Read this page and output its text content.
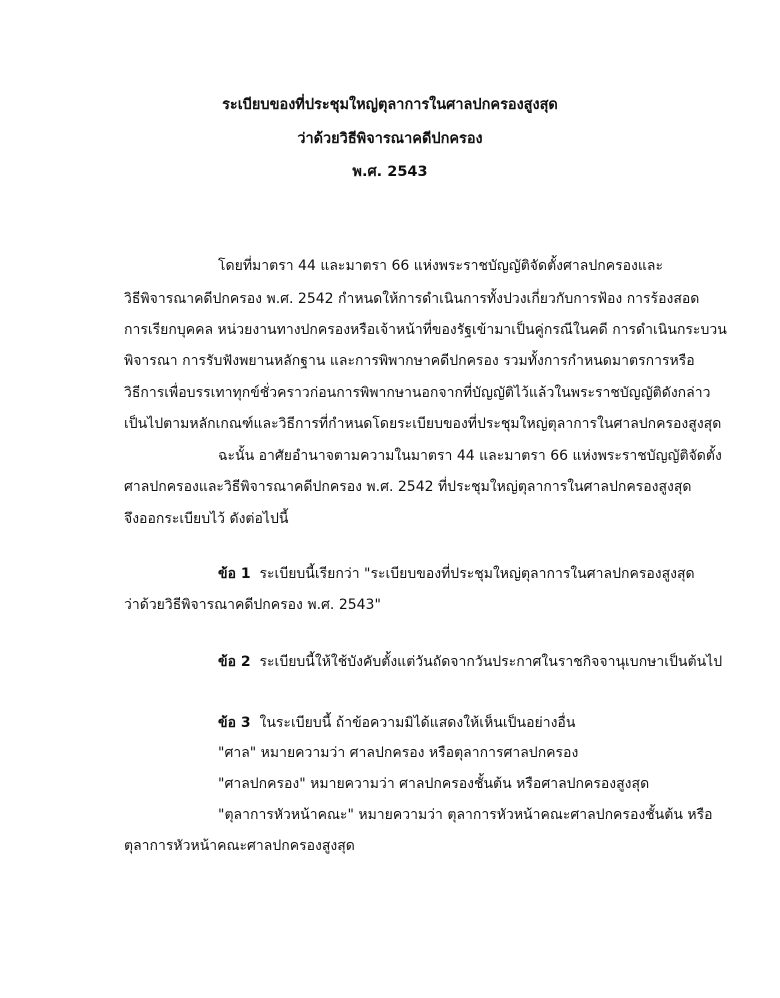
ระเบียบของที่ประชุมใหญ่ตุลาการในศาลปกครองสูงสุด

ว่าด้วยวิธีพิจารณาคดีปกครอง

พ.ศ. 2543

โดยที่มาตรา 44 และมาตรา 66 แห่งพระราชบัญญัติจัดตั้งศาลปกครองและ

วิธีพิจารณาคดีปกครอง พ.ศ. 2542 กำหนดให้การดำเนินการทั้งปวงเกี่ยวกับการฟ้อง การร้องสอด

การเรียกบุคคล หน่วยงานทางปกครองหรือเจ้าหน้าที่ของรัฐเข้ามาเป็นคู่กรณีในคดี การดำเนินกระบวน

พิจารณา การรับฟังพยานหลักฐาน และการพิพากษาคดีปกครอง รวมทั้งการกำหนดมาตรการหรือ

วิธีการเพื่อบรรเทาทุกข์ชั่วคราวก่อนการพิพากษานอกจากที่บัญญัติไว้แล้วในพระราชบัญญัติดังกล่าว

เป็นไปตามหลักเกณฑ์และวิธีการที่กำหนดโดยระเบียบของที่ประชุมใหญ่ตุลาการในศาลปกครองสูงสุด

ฉะนั้น อาศัยอำนาจตามความในมาตรา 44 และมาตรา 66 แห่งพระราชบัญญัติจัดตั้ง

ศาลปกครองและวิธีพิจารณาคดีปกครอง พ.ศ. 2542 ที่ประชุมใหญ่ตุลาการในศาลปกครองสูงสุด

จึงออกระเบียบไว้ ดังต่อไปนี้

ข้อ 1 ระเบียบนี้เรียกว่า "ระเบียบของที่ประชุมใหญ่ตุลาการในศาลปกครองสูงสุด

ว่าด้วยวิธีพิจารณาคดีปกครอง พ.ศ. 2543"

ข้อ 2 ระเบียบนี้ให้ใช้บังคับตั้งแต่วันถัดจากวันประกาศในราชกิจจานุเบกษาเป็นต้นไป

ข้อ 3 ในระเบียบนี้ ถ้าข้อความมิได้แสดงให้เห็นเป็นอย่างอื่น

"ศาล" หมายความว่า ศาลปกครอง หรือตุลาการศาลปกครอง

"ศาลปกครอง" หมายความว่า ศาลปกครองชั้นต้น หรือศาลปกครองสูงสุด

"ตุลาการหัวหน้าคณะ" หมายความว่า ตุลาการหัวหน้าคณะศาลปกครองชั้นต้น หรือ

ตุลาการหัวหน้าคณะศาลปกครองสูงสุด
